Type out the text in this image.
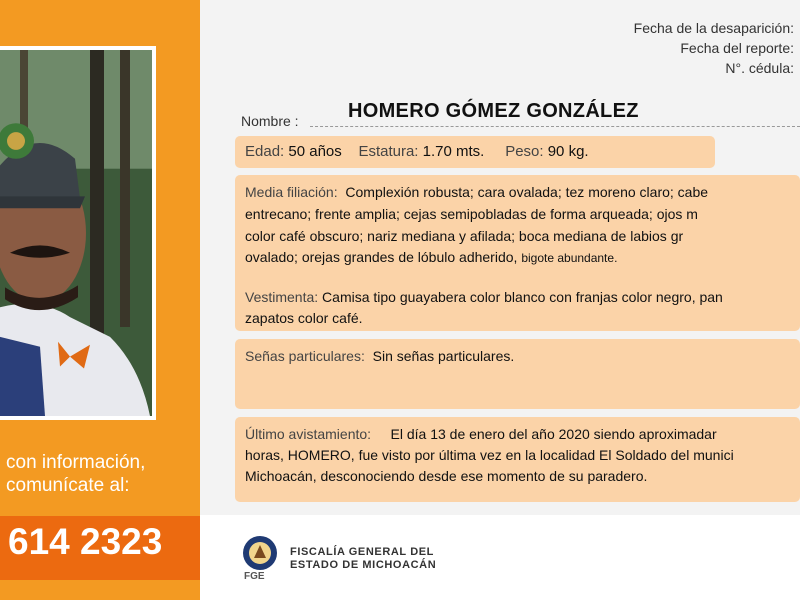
con información,
comunícate al:
614 2323
Fecha de la desaparición:
Fecha del reporte:
N°. cédula:
Nombre : HOMERO GÓMEZ GONZÁLEZ
Edad: 50 años Estatura: 1.70 mts. Peso: 90 kg.
Media filiación: Complexión robusta; cara ovalada; tez moreno claro; cabe
entrecano; frente amplia; cejas semipobladas de forma arqueada; ojos m
color café obscuro; nariz mediana y afilada; boca mediana de labios gr
ovalado; orejas grandes de lóbulo adherido, bigote abundante.
Vestimenta: Camisa tipo guayabera color blanco con franjas color negro, pan
zapatos color café.
Señas particulares: Sin señas particulares.
Último avistamiento: El día 13 de enero del año 2020 siendo aproximadar
horas, HOMERO, fue visto por última vez en la localidad El Soldado del munici
Michoacán, desconociendo desde ese momento de su paradero.
FGE
FISCALÍA GENERAL DEL
ESTADO DE MICHOACÁN
